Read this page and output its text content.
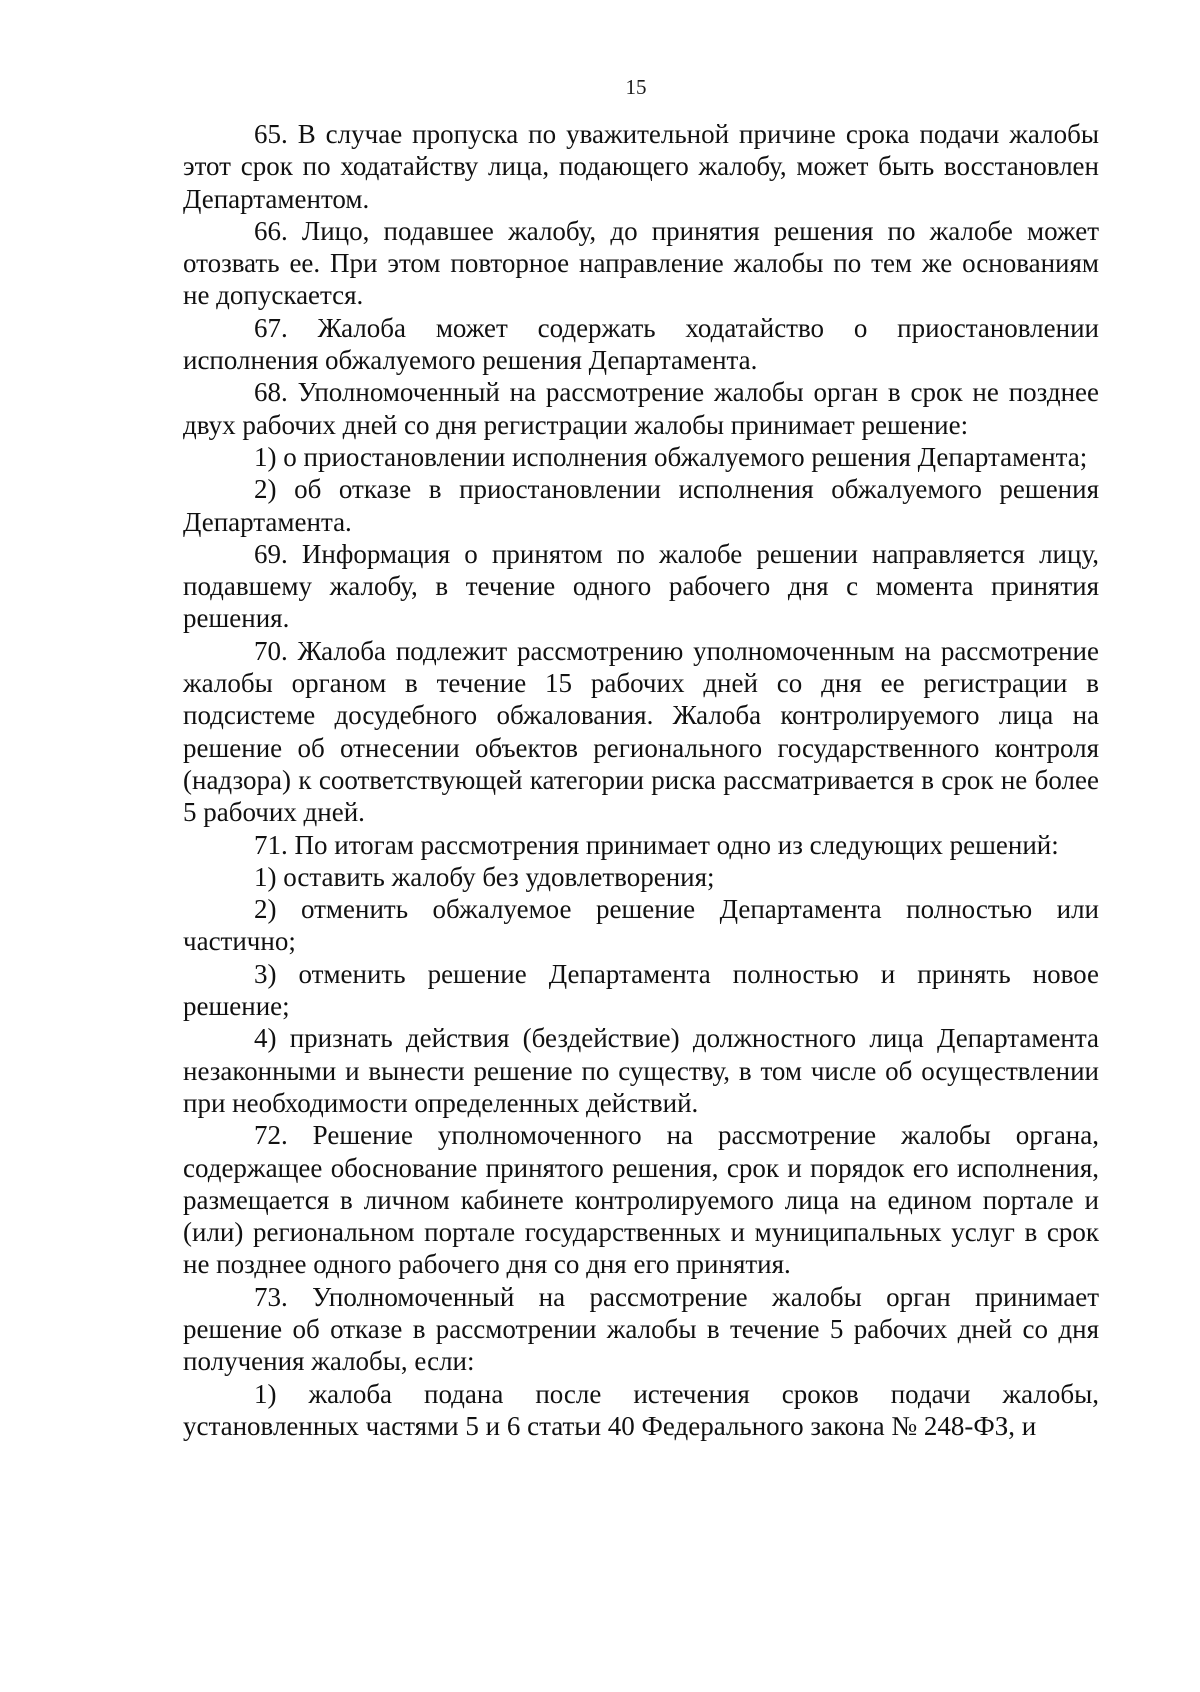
15

65. В случае пропуска по уважительной причине срока подачи жалобы этот срок по ходатайству лица, подающего жалобу, может быть восстановлен Департаментом.

66. Лицо, подавшее жалобу, до принятия решения по жалобе может отозвать ее. При этом повторное направление жалобы по тем же основаниям не допускается.

67. Жалоба может содержать ходатайство о приостановлении исполнения обжалуемого решения Департамента.

68. Уполномоченный на рассмотрение жалобы орган в срок не позднее двух рабочих дней со дня регистрации жалобы принимает решение:

1) о приостановлении исполнения обжалуемого решения Департамента;

2) об отказе в приостановлении исполнения обжалуемого решения Департамента.

69. Информация о принятом по жалобе решении направляется лицу, подавшему жалобу, в течение одного рабочего дня с момента принятия решения.

70. Жалоба подлежит рассмотрению уполномоченным на рассмотрение жалобы органом в течение 15 рабочих дней со дня ее регистрации в подсистеме досудебного обжалования. Жалоба контролируемого лица на решение об отнесении объектов регионального государственного контроля (надзора) к соответствующей категории риска рассматривается в срок не более 5 рабочих дней.

71. По итогам рассмотрения принимает одно из следующих решений:

1) оставить жалобу без удовлетворения;

2) отменить обжалуемое решение Департамента полностью или частично;

3) отменить решение Департамента полностью и принять новое решение;

4) признать действия (бездействие) должностного лица Департамента незаконными и вынести решение по существу, в том числе об осуществлении при необходимости определенных действий.

72. Решение уполномоченного на рассмотрение жалобы органа, содержащее обоснование принятого решения, срок и порядок его исполнения, размещается в личном кабинете контролируемого лица на едином портале и (или) региональном портале государственных и муниципальных услуг в срок не позднее одного рабочего дня со дня его принятия.

73. Уполномоченный на рассмотрение жалобы орган принимает решение об отказе в рассмотрении жалобы в течение 5 рабочих дней со дня получения жалобы, если:

1) жалоба подана после истечения сроков подачи жалобы, установленных частями 5 и 6 статьи 40 Федерального закона № 248-ФЗ, и
